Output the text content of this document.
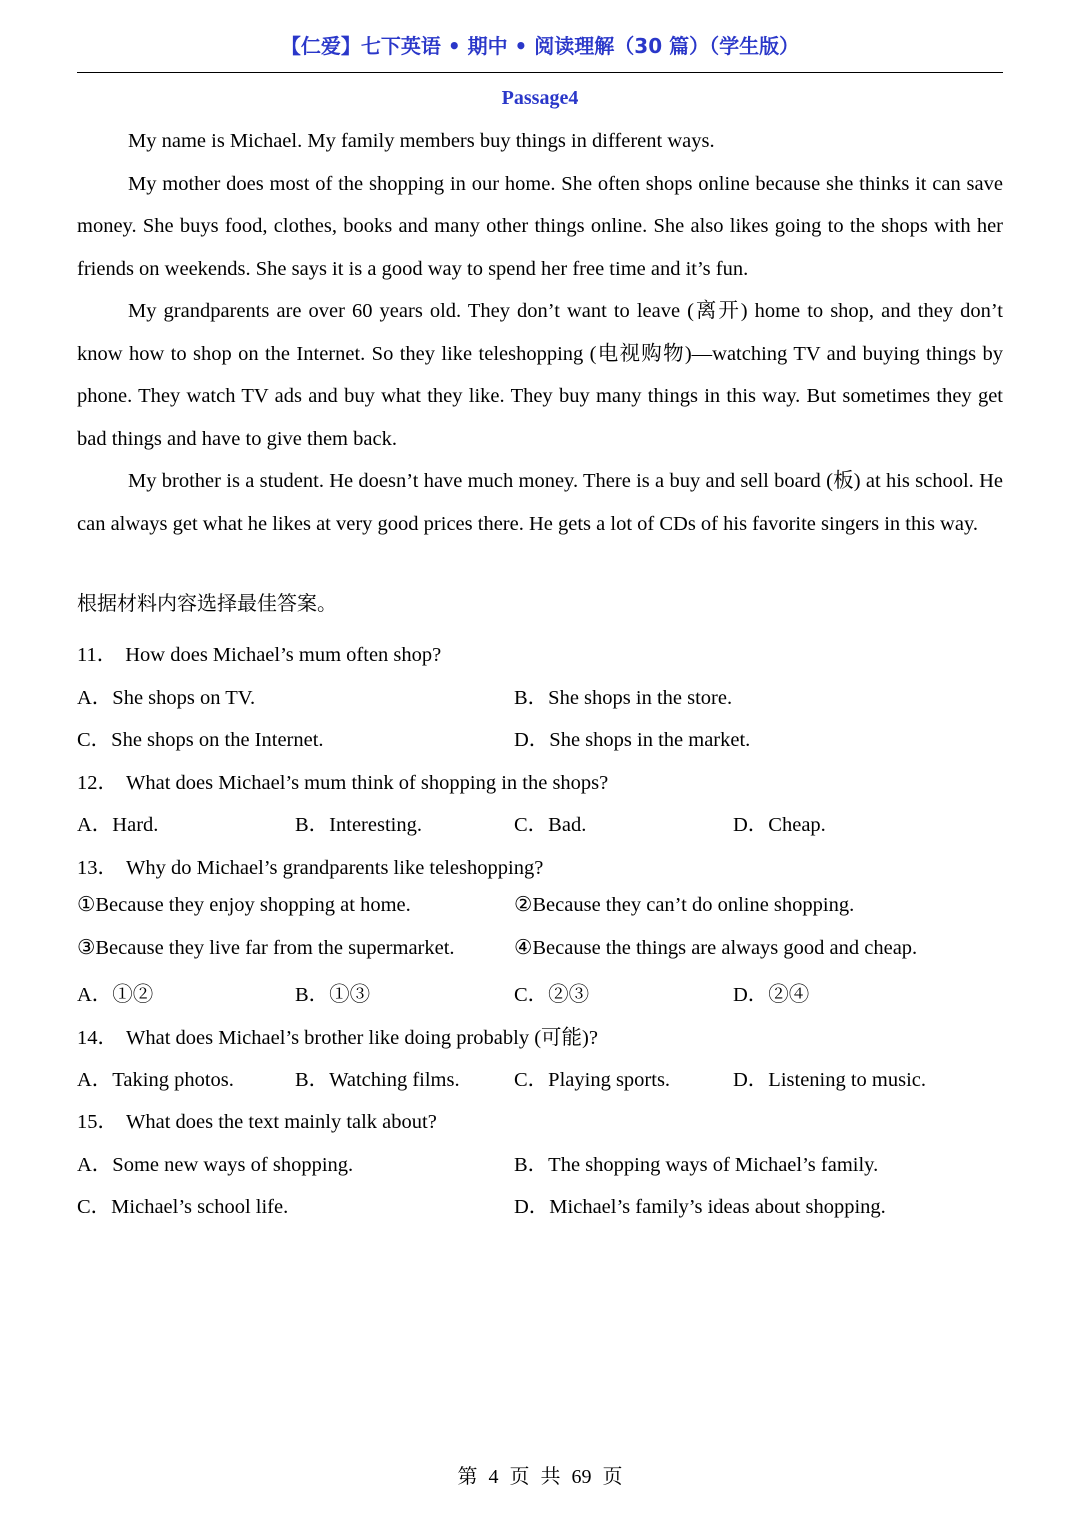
【仁爱】七下英语 • 期中 • 阅读理解（30 篇）（学生版）
Passage4

My name is Michael. My family members buy things in different ways.

My mother does most of the shopping in our home. She often shops online because she thinks it can save money. She buys food, clothes, books and many other things online. She also likes going to the shops with her friends on weekends. She says it is a good way to spend her free time and it’s fun.

My grandparents are over 60 years old. They don’t want to leave (离开) home to shop, and they don’t know how to shop on the Internet. So they like teleshopping (电视购物)—watching TV and buying things by phone. They watch TV ads and buy what they like. They buy many things in this way. But sometimes they get bad things and have to give them back.

My brother is a student. He doesn’t have much money. There is a buy and sell board (板) at his school. He can always get what he likes at very good prices there. He gets a lot of CDs of his favorite singers in this way.

根据材料内容选择最佳答案。
11． How does Michael’s mum often shop?
A．She shops on TV.	B．She shops in the store.
C．She shops on the Internet.	D．She shops in the market.
12． What does Michael’s mum think of shopping in the shops?
A．Hard.	B．Interesting.	C．Bad.	D．Cheap.
13． Why do Michael’s grandparents like teleshopping?
①Because they enjoy shopping at home.	②Because they can’t do online shopping.
③Because they live far from the supermarket.	④Because the things are always good and cheap.
A．①②	B．①③	C．②③	D．②④
14． What does Michael’s brother like doing probably (可能)?
A．Taking photos.	B．Watching films.	C．Playing sports.	D．Listening to music.
15． What does the text mainly talk about?
A．Some new ways of shopping.	B．The shopping ways of Michael’s family.
C．Michael’s school life.	D．Michael’s family’s ideas about shopping.
第 4 页 共 69 页
